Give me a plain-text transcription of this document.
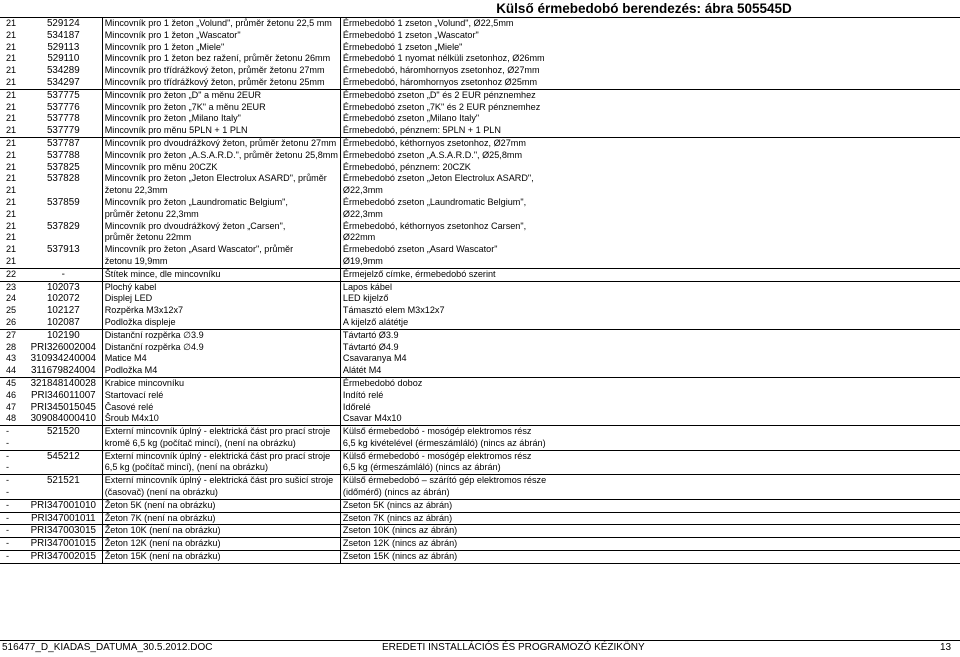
Külső érmebedobó berendezés: ábra 505545D
21	529124	Mincovník pro 1 žeton „Volund", průměr žetonu 22,5 mm	Érmebedobó 1 zseton „Volund", Ø22,5mm
21	534187	Mincovník pro 1 žeton „Wascator"	Érmebedobó 1 zseton „Wascator"
21	529113	Mincovník pro 1 žeton „Miele"	Érmebedobó 1 zseton „Miele"
21	529110	Mincovník pro 1 žeton bez ražení, průměr žetonu 26mm	Érmebedobó 1 nyomat nélküli zsetonhoz, Ø26mm
21	534289	Mincovník pro třídrážkový žeton, průměr žetonu 27mm	Érmebedobó, háromhornyos zsetonhoz, Ø27mm
21	534297	Mincovník pro třídrážkový žeton, průměr žetonu 25mm	Érmebedobó, háromhornyos zsetonhoz Ø25mm
21	537775	Mincovník pro žeton „D" a měnu 2EUR	Érmebedobó zseton „D" és 2 EUR pénznemhez
21	537776	Mincovník pro žeton „7K" a měnu 2EUR	Érmebedobó zseton „7K" és 2 EUR pénznemhez
21	537778	Mincovník pro žeton „Milano Italy"	Érmebedobó zseton „Milano Italy"
21	537779	Mincovník pro měnu 5PLN + 1 PLN	Érmebedobó, pénznem: 5PLN + 1 PLN
21	537787	Mincovník pro dvoudrážkový žeton, průměr žetonu 27mm	Érmebedobó, kéthornyos zsetonhoz, Ø27mm
21	537788	Mincovník pro žeton „A.S.A.R.D.", průměr žetonu 25,8mm	Érmebedobó zseton „A.S.A.R.D.", Ø25,8mm
21	537825	Mincovník pro měnu 20CZK	Érmebedobó, pénznem: 20CZK
21	537828	Mincovník pro žeton „Jeton Electrolux ASARD", průměr	Érmebedobó zseton „Jeton Electrolux ASARD",
21		žetonu 22,3mm	Ø22,3mm
21	537859	Mincovník pro žeton „Laundromatic Belgium",	Érmebedobó zseton „Laundromatic Belgium",
21		průměr žetonu 22,3mm	Ø22,3mm
21	537829	Mincovník pro dvoudrážkový žeton „Carsen",	Érmebedobó, kéthornyos zsetonhoz Carsen",
21		průměr žetonu 22mm	Ø22mm
21	537913	Mincovník pro žeton „Asard Wascator", průměr	Érmebedobó zseton „Asard Wascator"
21		žetonu 19,9mm	Ø19,9mm
22	-	Štítek mince, dle mincovníku	Érmejelző címke, érmebedobó szerint
23	102073	Plochý kabel	Lapos kábel
24	102072	Displej LED	LED kijelző
25	102127	Rozpěrka M3x12x7	Támasztó elem M3x12x7
26	102087	Podložka displeje	A kijelző alátétje
27	102190	Distanční rozpěrka ∅3.9	Távtartó Ø3.9
28	PRI326002004	Distanční rozpěrka ∅4.9	Távtartó Ø4.9
43	310934240004	Matice M4	Csavaranya M4
44	311679824004	Podložka M4	Alátét M4
45	321848140028	Krabice mincovníku	Érmebedobó doboz
46	PRI346011007	Startovací relé	Indító relé
47	PRI345015045	Časové relé	Időrelé
48	309084000410	Šroub M4x10	Csavar M4x10
-	521520	Externí mincovník úplný - elektrická část pro prací stroje	Külső érmebedobó - mosógép elektromos rész
-		kromě 6,5 kg (počítač mincí), (není na obrázku)	6,5 kg kivételével (érmeszámláló) (nincs az ábrán)
-	545212	Externí mincovník úplný - elektrická část pro prací stroje	Külső érmebedobó - mosógép elektromos rész
-		6,5 kg (počítač mincí), (není na obrázku)	6,5 kg (érmeszámláló) (nincs az ábrán)
-	521521	Externí mincovník úplný - elektrická část pro sušicí stroje	Külső érmebedobó – szárító gép elektromos része
-		(časovač) (není na obrázku)	(időmérő) (nincs az ábrán)
-	PRI347001010	Žeton 5K (není na obrázku)	Zseton 5K (nincs az ábrán)
-	PRI347001011	Žeton 7K (není na obrázku)	Zseton 7K (nincs az ábrán)
-	PRI347003015	Žeton 10K (není na obrázku)	Zseton 10K (nincs az ábrán)
-	PRI347001015	Žeton 12K (není na obrázku)	Zseton 12K (nincs az ábrán)
-	PRI347002015	Žeton 15K (není na obrázku)	Zseton 15K (nincs az ábrán)
516477_D_KIADAS_DATUMA_30.5.2012.DOC	EREDETI INSTALLÁCIÓS ÉS PROGRAMOZÓ KÉZIKÖNY	13
